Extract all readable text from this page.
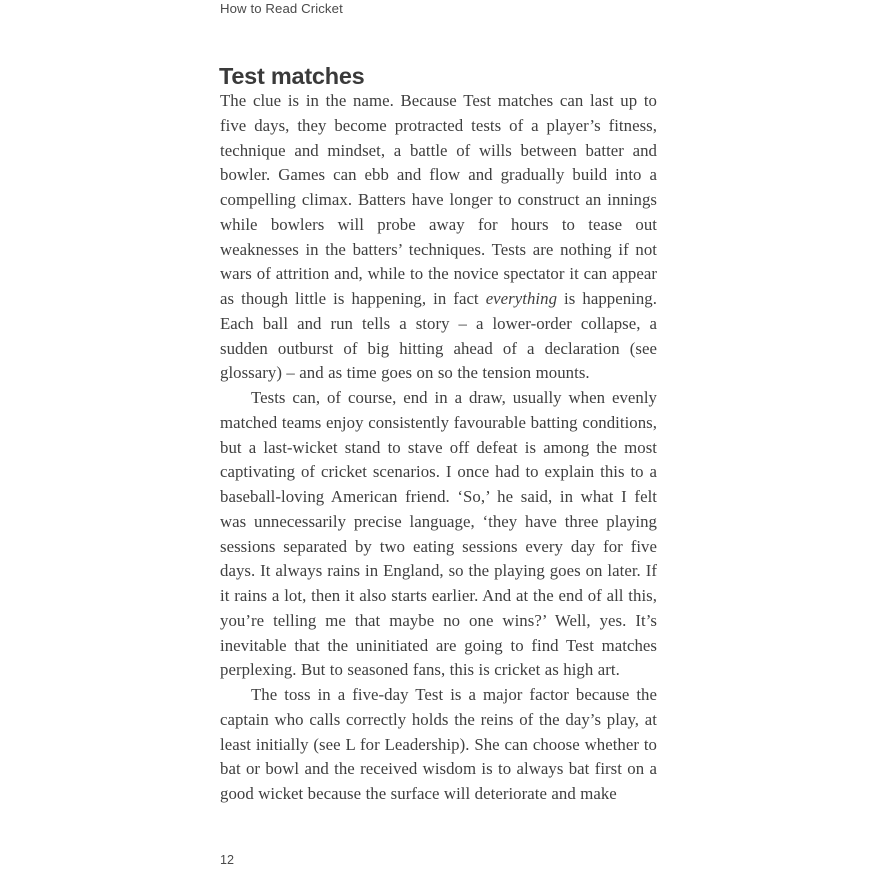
How to Read Cricket
Test matches

The clue is in the name. Because Test matches can last up to five days, they become protracted tests of a player’s fitness, technique and mindset, a battle of wills between batter and bowler. Games can ebb and flow and gradually build into a compelling climax. Batters have longer to construct an innings while bowlers will probe away for hours to tease out weaknesses in the batters’ techniques. Tests are nothing if not wars of attrition and, while to the novice spectator it can appear as though little is happening, in fact everything is happening. Each ball and run tells a story – a lower-order collapse, a sudden outburst of big hitting ahead of a declaration (see glossary) – and as time goes on so the tension mounts.

Tests can, of course, end in a draw, usually when evenly matched teams enjoy consistently favourable batting conditions, but a last-wicket stand to stave off defeat is among the most captivating of cricket scenarios. I once had to explain this to a baseball-loving American friend. ‘So,’ he said, in what I felt was unnecessarily precise language, ‘they have three playing sessions separated by two eating sessions every day for five days. It always rains in England, so the playing goes on later. If it rains a lot, then it also starts earlier. And at the end of all this, you’re telling me that maybe no one wins?’ Well, yes. It’s inevitable that the uninitiated are going to find Test matches perplexing. But to seasoned fans, this is cricket as high art.

The toss in a five-day Test is a major factor because the captain who calls correctly holds the reins of the day’s play, at least initially (see L for Leadership). She can choose whether to bat or bowl and the received wisdom is to always bat first on a good wicket because the surface will deteriorate and make

12
